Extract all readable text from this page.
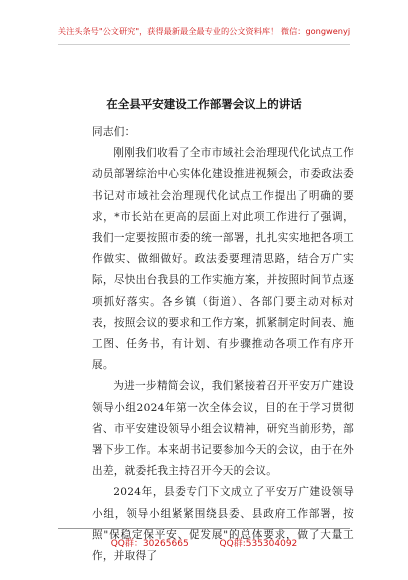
关注头条号"公文研究"，获得最新最全最专业的公文资料库！ 微信：gongwenyj
在全县平安建设工作部署会议上的讲话

同志们：

刚刚我们收看了全市市域社会治理现代化试点工作动员部署综治中心实体化建设推进视频会，市委政法委书记对市域社会治理现代化试点工作提出了明确的要求，*市长站在更高的层面上对此项工作进行了强调，我们一定要按照市委的统一部署，扎扎实实地把各项工作做实、做细做好。政法委要理清思路，结合万广实际，尽快出台我县的工作实施方案，并按照时间节点逐项抓好落实。各乡镇（街道）、各部门要主动对标对表，按照会议的要求和工作方案，抓紧制定时间表、施工图、任务书，有计划、有步骤推动各项工作有序开展。

为进一步精简会议，我们紧接着召开平安万广建设领导小组2024年第一次全体会议，目的在于学习贯彻省、市平安建设领导小组会议精神，研究当前形势，部署下步工作。本来胡书记要参加今天的会议，由于在外出差，就委托我主持召开今天的会议。

2024年，县委专门下文成立了平安万广建设领导小组，领导小组紧紧围绕县委、县政府工作部署，按照"保稳定保平安、促发展"的总体要求，做了大量工作，并取得了

QQ群：30265665	QQ群:535304092
